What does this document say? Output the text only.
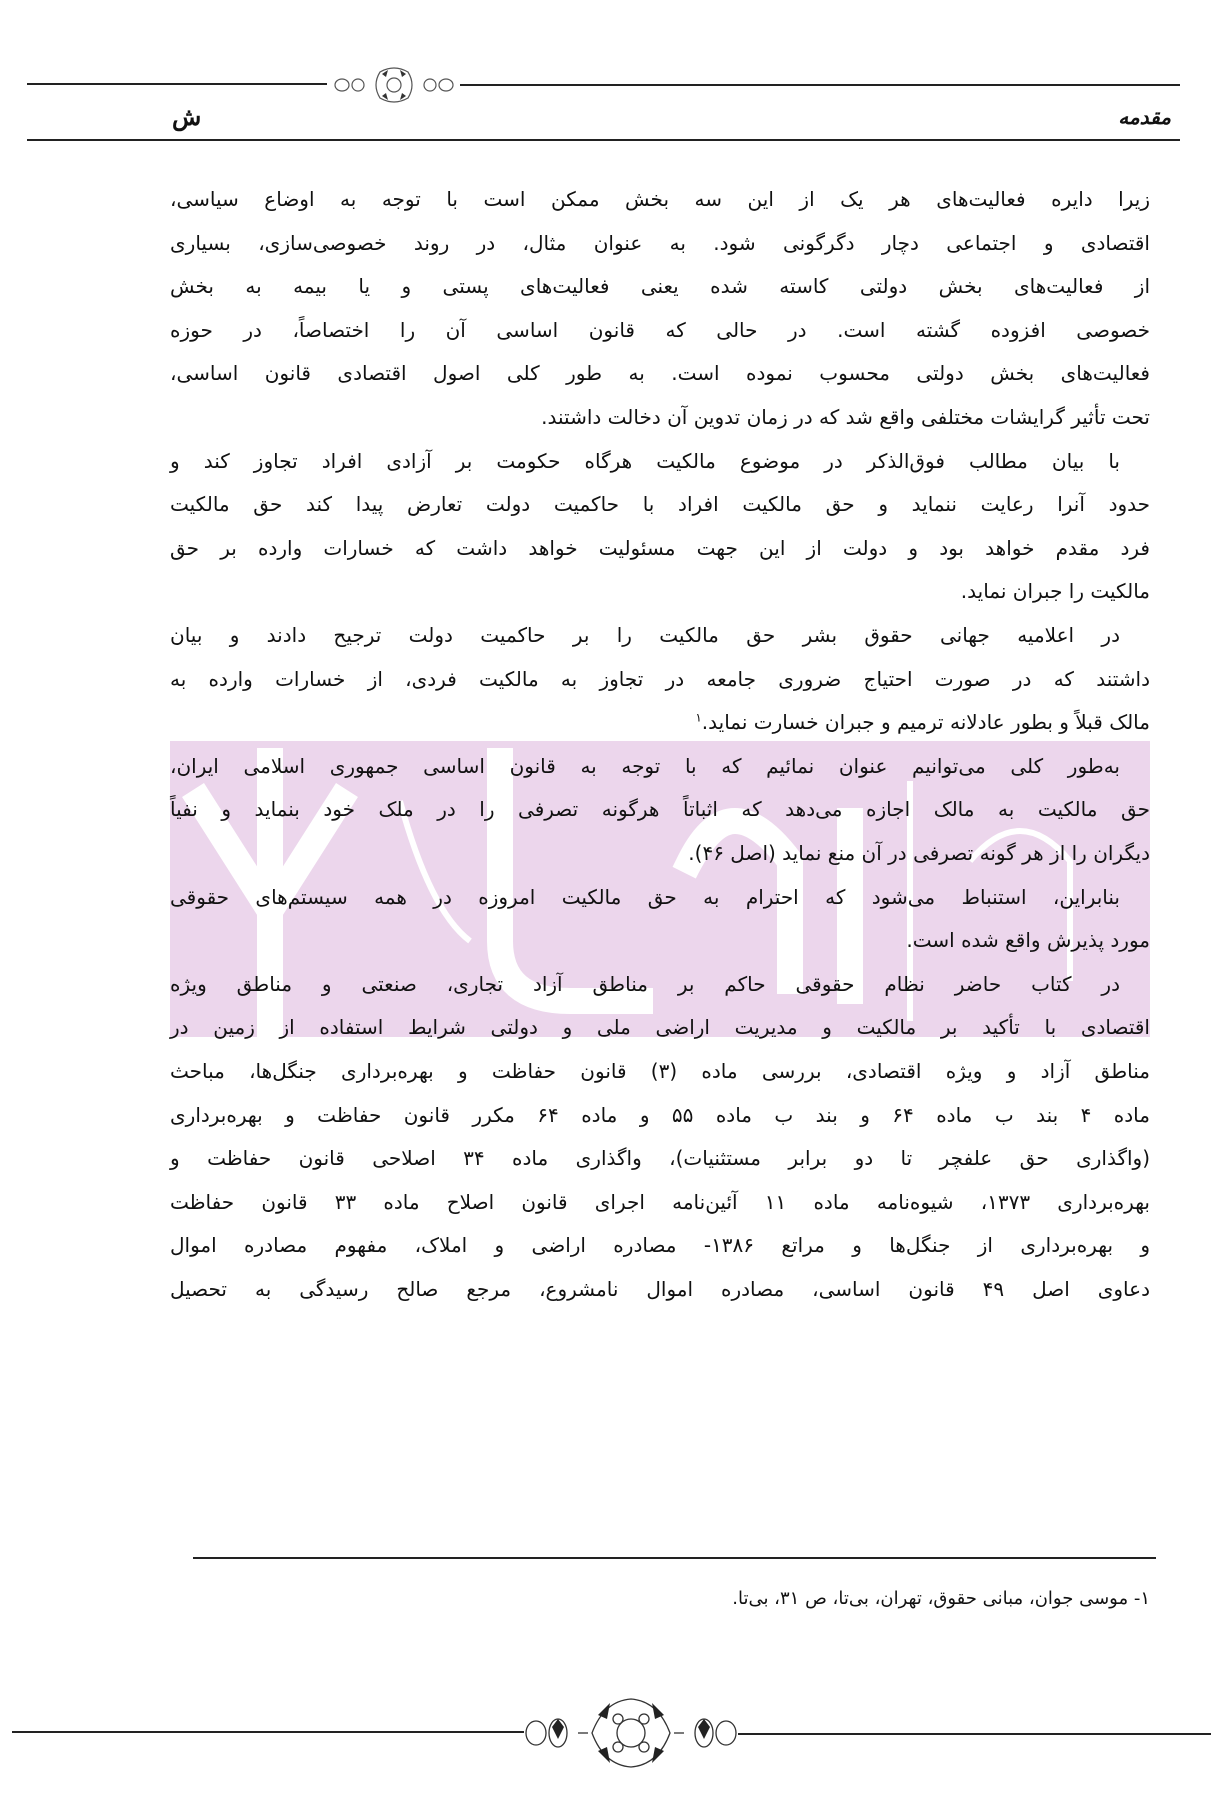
ش	مقدمه
زیرا دایره فعالیت‌های هر یک از این سه بخش ممکن است با توجه به اوضاع سیاسی،
اقتصادی و اجتماعی دچار دگرگونی شود. به عنوان مثال، در روند خصوصی‌سازی، بسیاری
از فعالیت‌های بخش دولتی کاسته شده یعنی فعالیت‌های پستی و یا بیمه به بخش
خصوصی افزوده گشته است. در حالی که قانون اساسی آن را اختصاصاً، در حوزه
فعالیت‌های بخش دولتی محسوب نموده است. به طور کلی اصول اقتصادی قانون اساسی،
تحت تأثیر گرایشات مختلفی واقع شد که در زمان تدوین آن دخالت داشتند.
با بیان مطالب فوق‌الذکر در موضوع مالکیت هرگاه حکومت بر آزادی افراد تجاوز کند و
حدود آنرا رعایت ننماید و حق مالکیت افراد با حاکمیت دولت تعارض پیدا کند حق مالکیت
فرد مقدم خواهد بود و دولت از این جهت مسئولیت خواهد داشت که خسارات وارده بر حق
مالکیت را جبران نماید.
در اعلامیه جهانی حقوق بشر حق مالکیت را بر حاکمیت دولت ترجیح دادند و بیان
داشتند که در صورت احتیاج ضروری جامعه در تجاوز به مالکیت فردی، از خسارات وارده به
مالک قبلاً و بطور عادلانه ترمیم و جبران خسارت نماید.$^۱$
به‌طور کلی می‌توانیم عنوان نمائیم که با توجه به قانون اساسی جمهوری اسلامی ایران،
حق مالکیت به مالک اجازه می‌دهد که اثباتاً هرگونه تصرفی را در ملک خود بنماید و نفیاً
دیگران را از هر گونه تصرفی در آن منع نماید (اصل ۴۶).
بنابراین، استنباط می‌شود که احترام به حق مالکیت امروزه در همه سیستم‌های حقوقی
مورد پذیرش واقع شده است.
در کتاب حاضر نظام حقوقی حاکم بر مناطق آزاد تجاری، صنعتی و مناطق ویژه
اقتصادی با تأکید بر مالکیت و مدیریت اراضی ملی و دولتی شرایط استفاده از زمین در
مناطق آزاد و ویژه اقتصادی، بررسی ماده (۳) قانون حفاظت و بهره‌برداری جنگل‌ها، مباحث
ماده ۴ بند ب ماده ۶۴ و بند ب ماده ۵۵ و ماده ۶۴ مکرر قانون حفاظت و بهره‌برداری
(واگذاری حق علفچر تا دو برابر مستثنیات)، واگذاری ماده ۳۴ اصلاحی قانون حفاظت و
بهره‌برداری ۱۳۷۳، شیوه‌نامه ماده ۱۱ آئین‌نامه اجرای قانون اصلاح ماده ۳۳ قانون حفاظت
و بهره‌برداری از جنگل‌ها و مراتع ۱۳۸۶- مصادره اراضی و املاک، مفهوم مصادره اموال
دعاوی اصل ۴۹ قانون اساسی، مصادره اموال نامشروع، مرجع صالح رسیدگی به تحصیل
۱- موسی جوان، مبانی حقوق، تهران، بی‌تا، ص ۳۱، بی‌تا.
